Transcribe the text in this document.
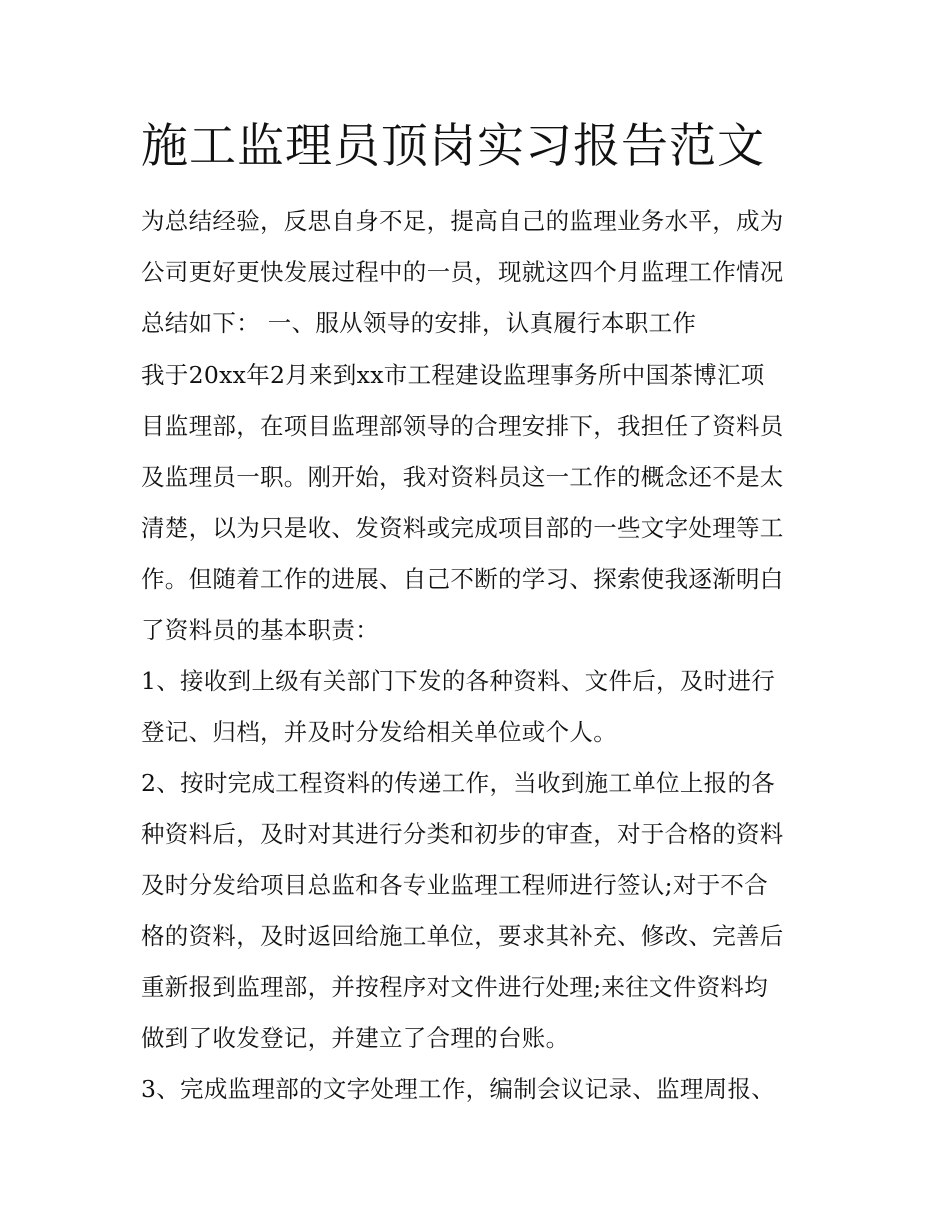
施工监理员顶岗实习报告范文
为总结经验，反思自身不足，提高自己的监理业务水平，成为
公司更好更快发展过程中的一员，现就这四个月监理工作情况
总结如下： 一、服从领导的安排，认真履行本职工作
我于20xx年2月来到xx市工程建设监理事务所中国茶博汇项
目监理部，在项目监理部领导的合理安排下，我担任了资料员
及监理员一职。刚开始，我对资料员这一工作的概念还不是太
清楚，以为只是收、发资料或完成项目部的一些文字处理等工
作。但随着工作的进展、自己不断的学习、探索使我逐渐明白
了资料员的基本职责：
1、接收到上级有关部门下发的各种资料、文件后，及时进行
登记、归档，并及时分发给相关单位或个人。
2、按时完成工程资料的传递工作，当收到施工单位上报的各
种资料后，及时对其进行分类和初步的审查，对于合格的资料
及时分发给项目总监和各专业监理工程师进行签认;对于不合
格的资料，及时返回给施工单位，要求其补充、修改、完善后
重新报到监理部，并按程序对文件进行处理;来往文件资料均
做到了收发登记，并建立了合理的台账。
3、完成监理部的文字处理工作，编制会议记录、监理周报、
